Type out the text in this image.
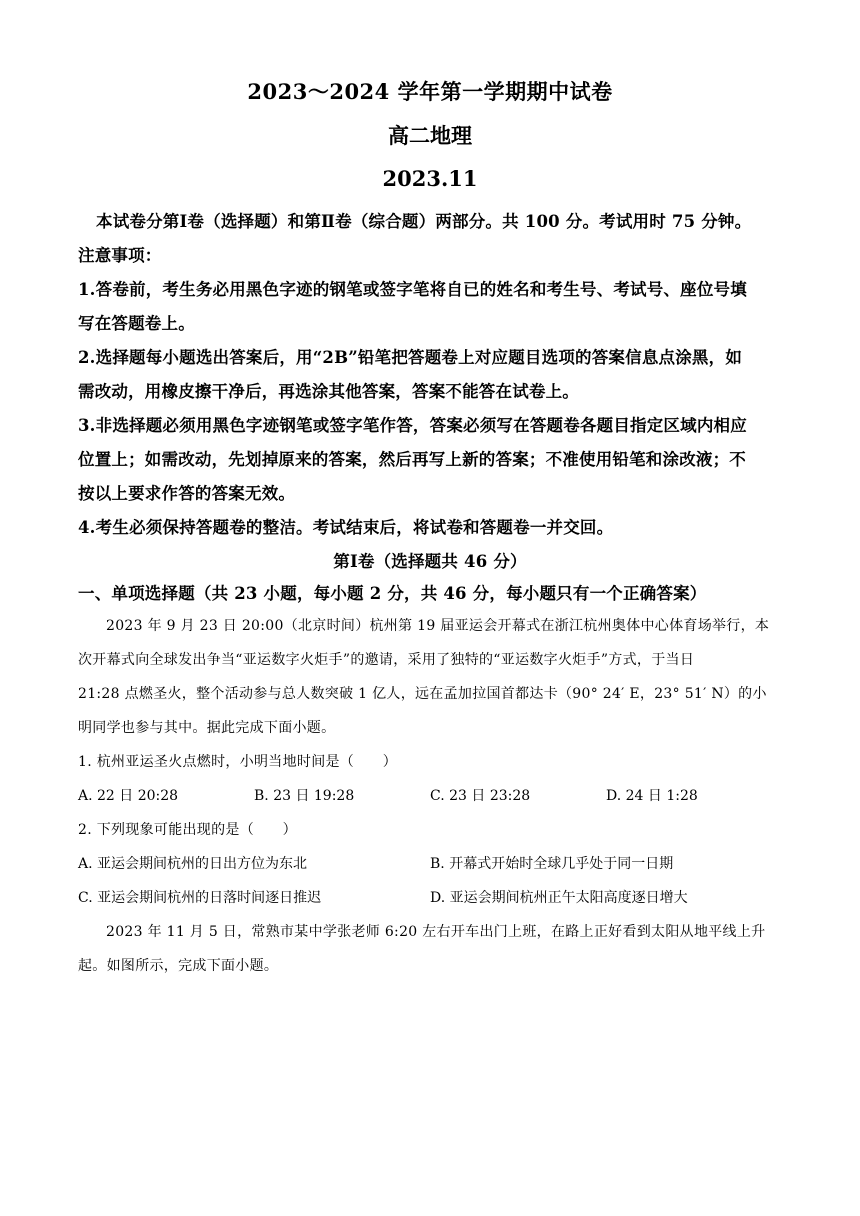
2023～2024 学年第一学期期中试卷
高二地理
2023.11
本试卷分第Ⅰ卷（选择题）和第Ⅱ卷（综合题）两部分。共 100 分。考试用时 75 分钟。
注意事项：
1.答卷前，考生务必用黑色字迹的钢笔或签字笔将自已的姓名和考生号、考试号、座位号填
写在答题卷上。
2.选择题每小题选出答案后，用“2B”铅笔把答题卷上对应题目选项的答案信息点涂黑，如
需改动，用橡皮擦干净后，再选涂其他答案，答案不能答在试卷上。
3.非选择题必须用黑色字迹钢笔或签字笔作答，答案必须写在答题卷各题目指定区域内相应
位置上；如需改动，先划掉原来的答案，然后再写上新的答案；不准使用铅笔和涂改液；不
按以上要求作答的答案无效。
4.考生必须保持答题卷的整洁。考试结束后，将试卷和答题卷一并交回。
第Ⅰ卷（选择题共 46 分）
一、单项选择题（共 23 小题，每小题 2 分，共 46 分，每小题只有一个正确答案）
2023 年 9 月 23 日 20:00（北京时间）杭州第 19 届亚运会开幕式在浙江杭州奥体中心体育场举行，本
次开幕式向全球发出争当“亚运数字火炬手”的邀请，采用了独特的“亚运数字火炬手”方式，于当日
21:28 点燃圣火，整个活动参与总人数突破 1 亿人，远在孟加拉国首都达卡（90° 24′ E，23° 51′ N）的小
明同学也参与其中。据此完成下面小题。
1. 杭州亚运圣火点燃时，小明当地时间是（　　）
A. 22 日 20:28	B. 23 日 19:28	C. 23 日 23:28	D. 24 日 1:28
2. 下列现象可能出现的是（　　）
A. 亚运会期间杭州的日出方位为东北	B. 开幕式开始时全球几乎处于同一日期
C. 亚运会期间杭州的日落时间逐日推迟	D. 亚运会期间杭州正午太阳高度逐日增大
2023 年 11 月 5 日，常熟市某中学张老师 6:20 左右开车出门上班，在路上正好看到太阳从地平线上升
起。如图所示，完成下面小题。
